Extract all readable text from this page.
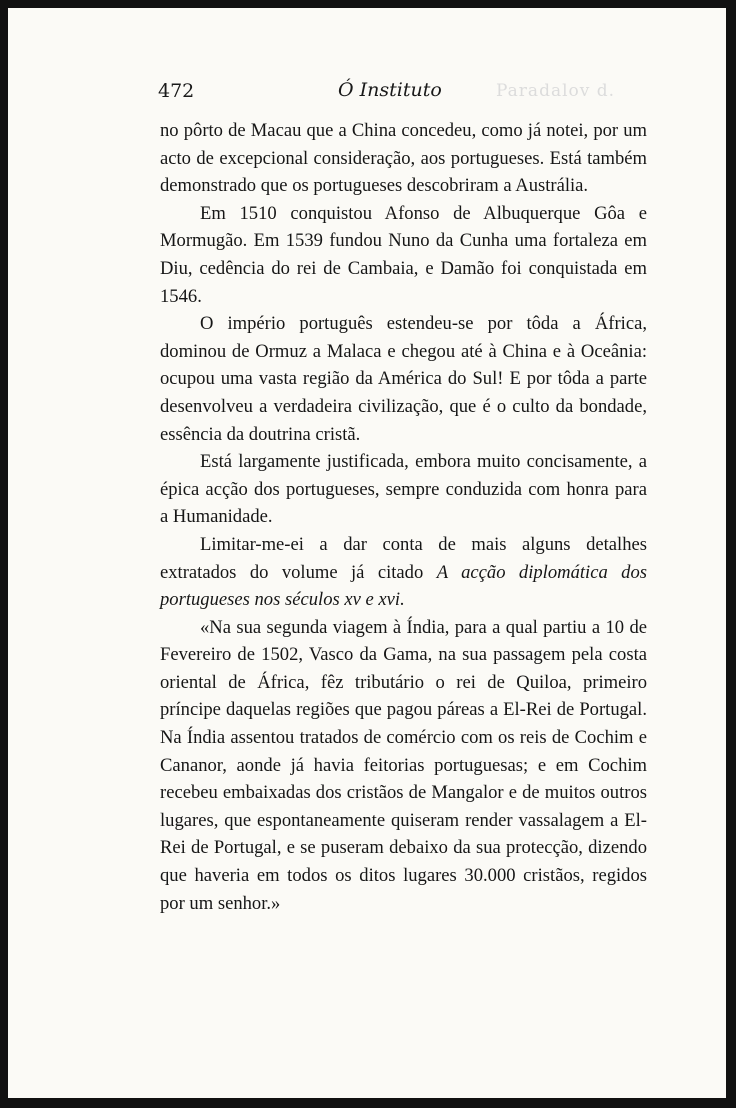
472	Ó Instituto	Paradalov d.

no pôrto de Macau que a China concedeu, como já notei, por um acto de excepcional consideração, aos portugueses. Está também demonstrado que os portugueses descobriram a Austrália.

Em 1510 conquistou Afonso de Albuquerque Gôa e Mormugão. Em 1539 fundou Nuno da Cunha uma fortaleza em Diu, cedência do rei de Cambaia, e Damão foi conquistada em 1546.

O império português estendeu-se por tôda a África, dominou de Ormuz a Malaca e chegou até à China e à Oceânia: ocupou uma vasta região da América do Sul! E por tôda a parte desenvolveu a verdadeira civilização, que é o culto da bondade, essência da doutrina cristã.

Está largamente justificada, embora muito concisamente, a épica acção dos portugueses, sempre conduzida com honra para a Humanidade.

Limitar-me-ei a dar conta de mais alguns detalhes extratados do volume já citado A acção diplomática dos portugueses nos séculos xv e xvi.

«Na sua segunda viagem à Índia, para a qual partiu a 10 de Fevereiro de 1502, Vasco da Gama, na sua passagem pela costa oriental de África, fêz tributário o rei de Quiloa, primeiro príncipe daquelas regiões que pagou páreas a El-Rei de Portugal. Na Índia assentou tratados de comércio com os reis de Cochim e Cananor, aonde já havia feitorias portuguesas; e em Cochim recebeu embaixadas dos cristãos de Mangalor e de muitos outros lugares, que espontaneamente quiseram render vassalagem a El-Rei de Portugal, e se puseram debaixo da sua protecção, dizendo que haveria em todos os ditos lugares 30.000 cristãos, regidos por um senhor.»
